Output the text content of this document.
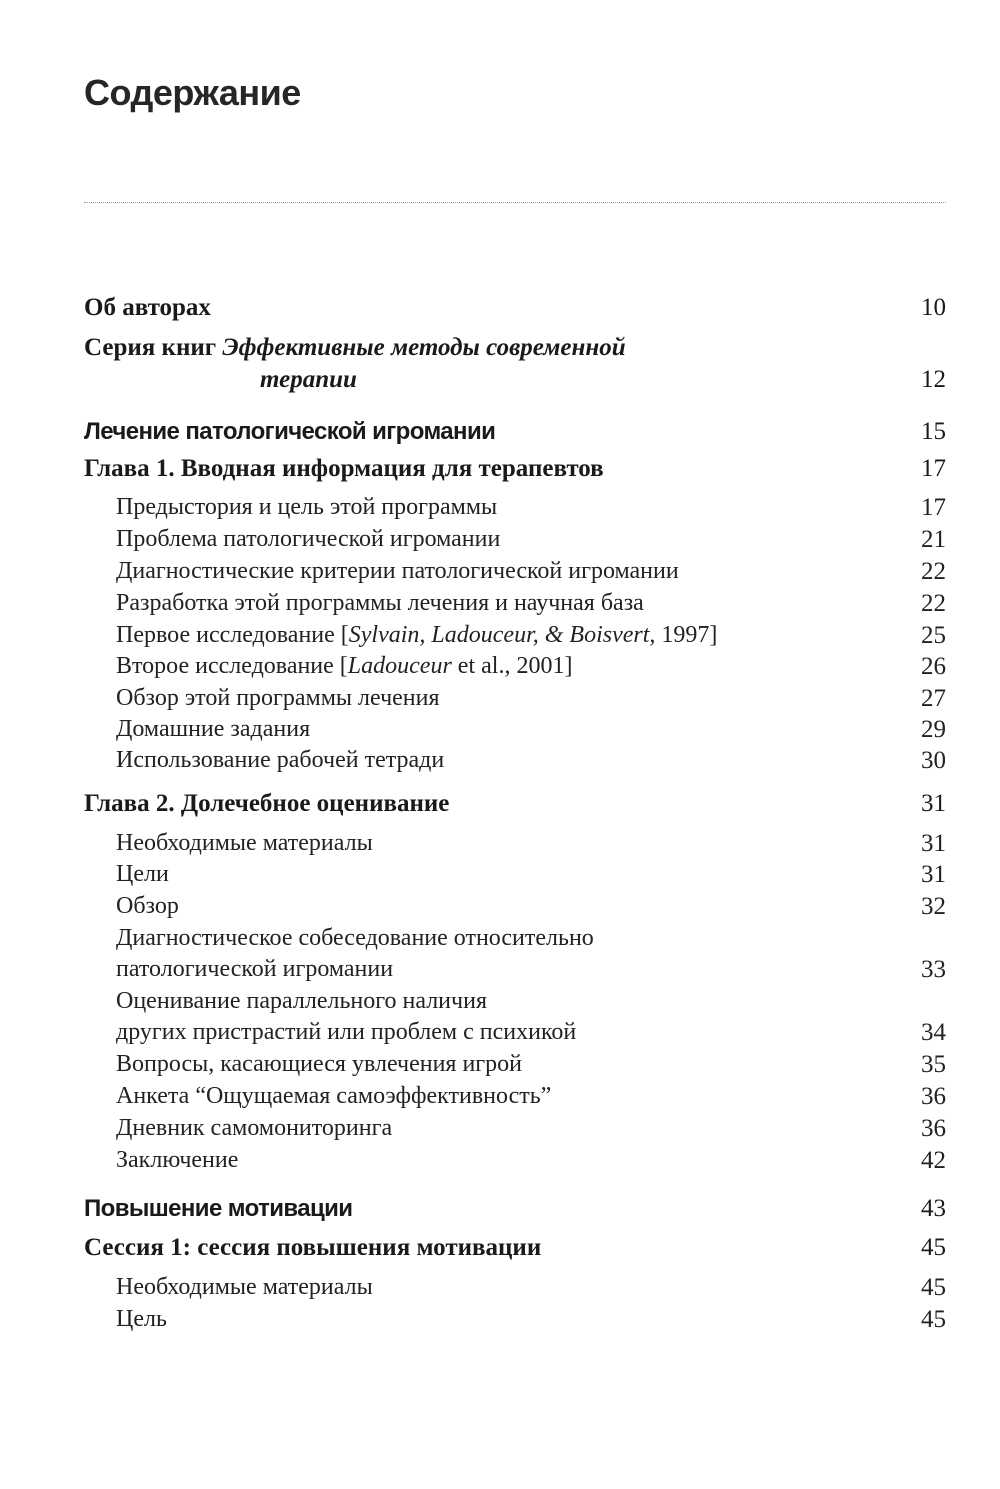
Содержание
Об авторах	10
Серия книг Эффективные методы современной
терапии	12
Лечение патологической игромании	15
Глава 1. Вводная информация для терапевтов	17
Предыстория и цель этой программы	17
Проблема патологической игромании	21
Диагностические критерии патологической игромании	22
Разработка этой программы лечения и научная база	22
Первое исследование [Sylvain, Ladouceur, & Boisvert, 1997]	25
Второе исследование [Ladouceur et al., 2001]	26
Обзор этой программы лечения	27
Домашние задания	29
Использование рабочей тетради	30
Глава 2. Долечебное оценивание	31
Необходимые материалы	31
Цели	31
Обзор	32
Диагностическое собеседование относительно
патологической игромании	33
Оценивание параллельного наличия
других пристрастий или проблем с психикой	34
Вопросы, касающиеся увлечения игрой	35
Анкета “Ощущаемая самоэффективность”	36
Дневник самомониторинга	36
Заключение	42
Повышение мотивации	43
Сессия 1: сессия повышения мотивации	45
Необходимые материалы	45
Цель	45
